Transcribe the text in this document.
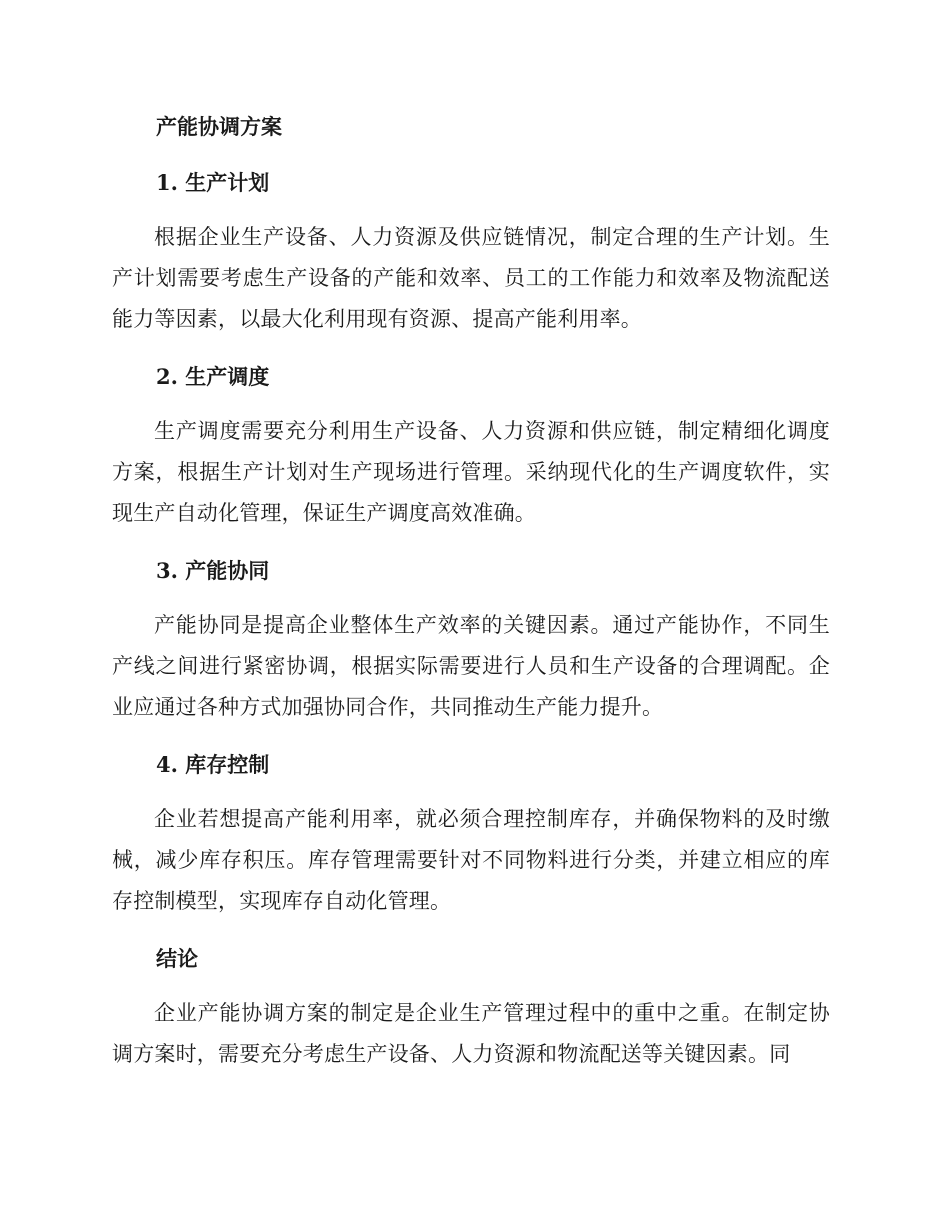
产能协调方案
1. 生产计划

根据企业生产设备、人力资源及供应链情况，制定合理的生产计划。生产计划需要考虑生产设备的产能和效率、员工的工作能力和效率及物流配送能力等因素，以最大化利用现有资源、提高产能利用率。

2. 生产调度

生产调度需要充分利用生产设备、人力资源和供应链，制定精细化调度方案，根据生产计划对生产现场进行管理。采纳现代化的生产调度软件，实现生产自动化管理，保证生产调度高效准确。

3. 产能协同

产能协同是提高企业整体生产效率的关键因素。通过产能协作，不同生产线之间进行紧密协调，根据实际需要进行人员和生产设备的合理调配。企业应通过各种方式加强协同合作，共同推动生产能力提升。

4. 库存控制

企业若想提高产能利用率，就必须合理控制库存，并确保物料的及时缴械，减少库存积压。库存管理需要针对不同物料进行分类，并建立相应的库存控制模型，实现库存自动化管理。

结论

企业产能协调方案的制定是企业生产管理过程中的重中之重。在制定协调方案时，需要充分考虑生产设备、人力资源和物流配送等关键因素。同
